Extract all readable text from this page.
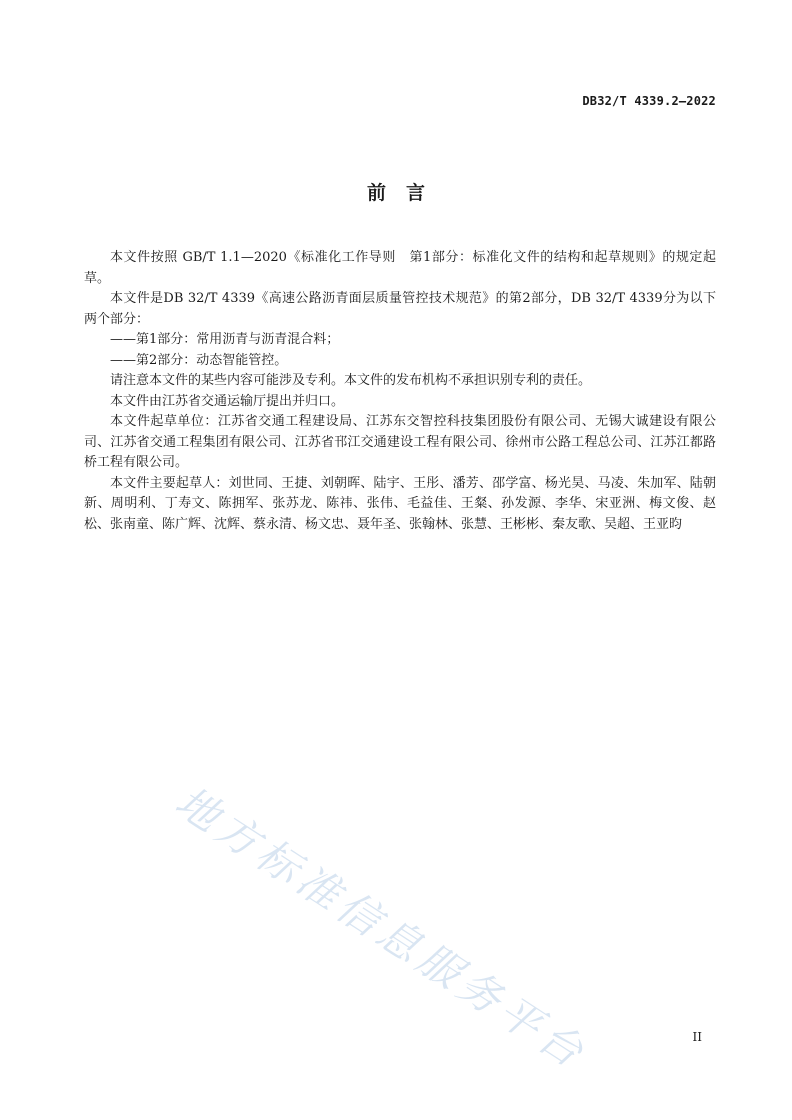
DB32/T 4339.2—2022
前言

本文件按照 GB/T 1.1—2020《标准化工作导则　第1部分：标准化文件的结构和起草规则》的规定起草。

本文件是DB 32/T 4339《高速公路沥青面层质量管控技术规范》的第2部分，DB 32/T 4339分为以下两个部分：

——第1部分：常用沥青与沥青混合料；

——第2部分：动态智能管控。

请注意本文件的某些内容可能涉及专利。本文件的发布机构不承担识别专利的责任。

本文件由江苏省交通运输厅提出并归口。

本文件起草单位：江苏省交通工程建设局、江苏东交智控科技集团股份有限公司、无锡大诚建设有限公司、江苏省交通工程集团有限公司、江苏省邗江交通建设工程有限公司、徐州市公路工程总公司、江苏江都路桥工程有限公司。

本文件主要起草人：刘世同、王捷、刘朝晖、陆宇、王彤、潘芳、邵学富、杨光昊、马凌、朱加军、陆朝新、周明利、丁寿文、陈拥军、张苏龙、陈祎、张伟、毛益佳、王粲、孙发源、李华、宋亚洲、梅文俊、赵松、张南童、陈广辉、沈辉、蔡永清、杨文忠、聂年圣、张翰林、张慧、王彬彬、秦友歌、吴超、王亚昀

地方标准信息服务平台	II
